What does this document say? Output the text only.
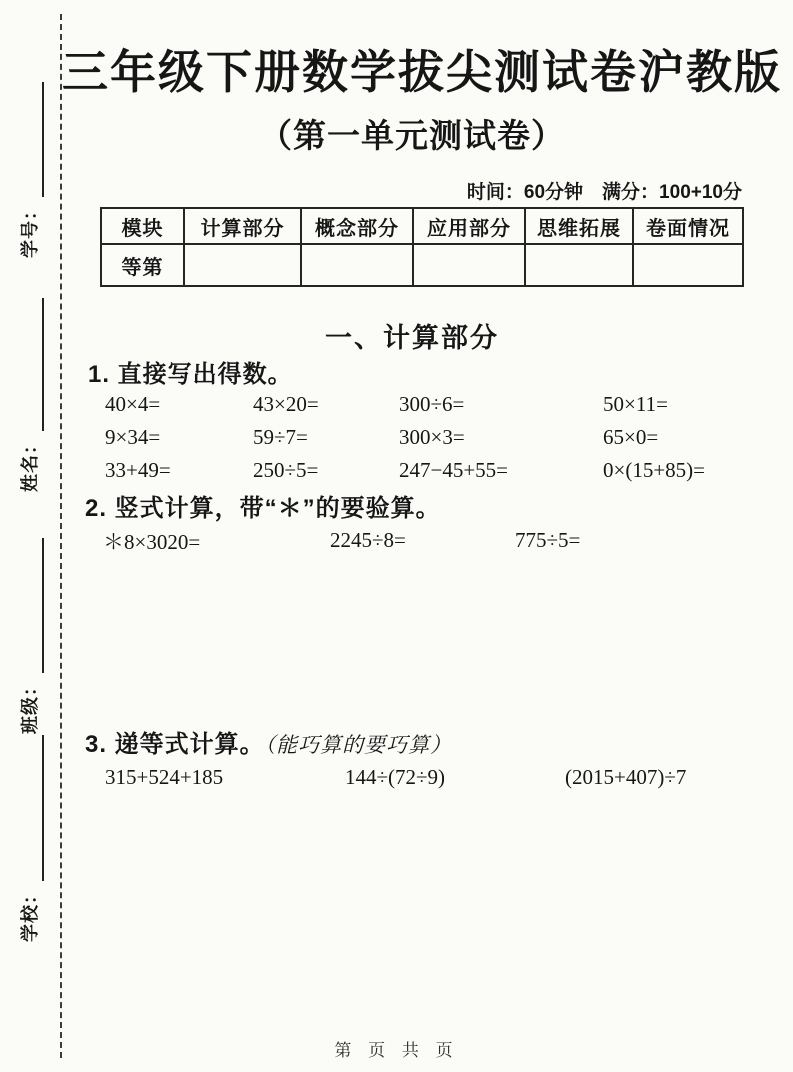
学号：
姓名：
班级：
学校：
三年级下册数学拔尖测试卷沪教版
（第一单元测试卷）
时间：60分钟　满分：100+10分
模块	计算部分	概念部分	应用部分	思维拓展	卷面情况
等第					
一、计算部分
1. 直接写出得数。
40×4=	43×20=	300÷6=	50×11=
9×34=	59÷7=	300×3=	65×0=
33+49=	250÷5=	247−45+55=	0×(15+85)=
2. 竖式计算，带“＊”的要验算。
＊8×3020=	2245÷8=	775÷5=
3. 递等式计算。（能巧算的要巧算）
315+524+185	144÷(72÷9)	(2015+407)÷7
第 页 共 页
